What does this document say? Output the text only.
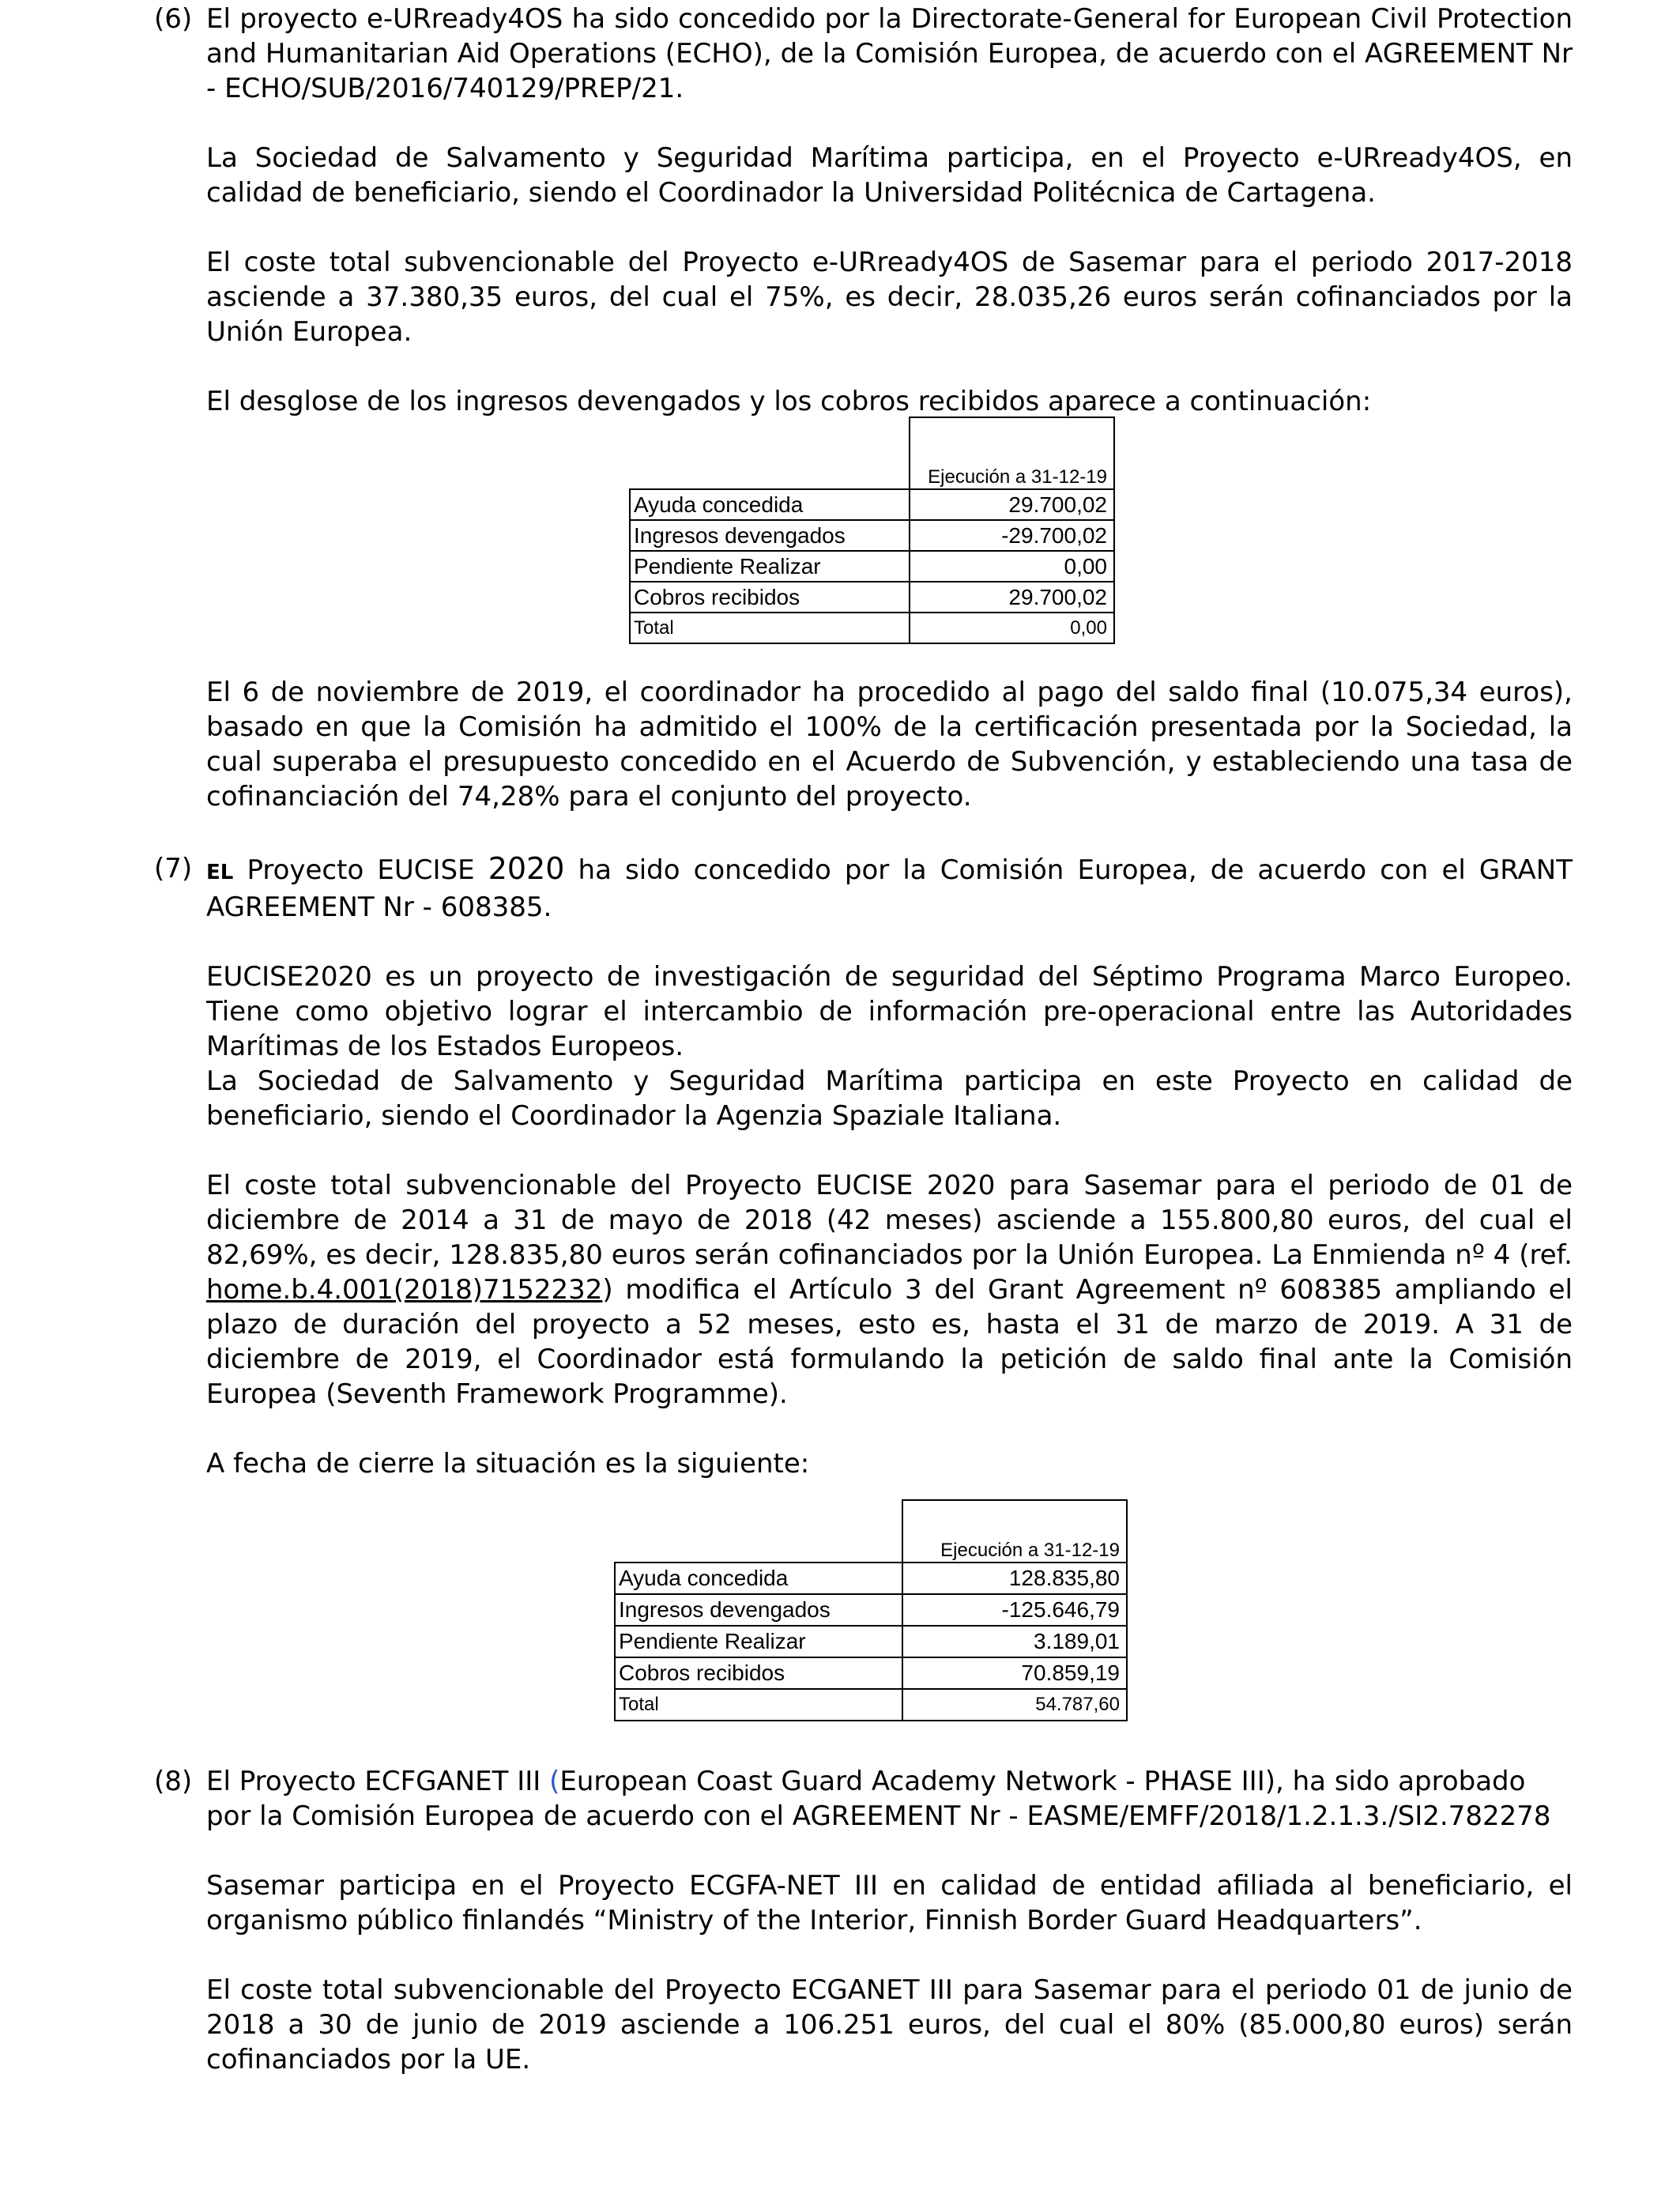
(6) El proyecto e-URready4OS ha sido concedido por la Directorate-General for European Civil Protection and Humanitarian Aid Operations (ECHO), de la Comisión Europea, de acuerdo con el AGREEMENT Nr - ECHO/SUB/2016/740129/PREP/21.

La Sociedad de Salvamento y Seguridad Marítima participa, en el Proyecto e-URready4OS, en calidad de beneficiario, siendo el Coordinador la Universidad Politécnica de Cartagena.

El coste total subvencionable del Proyecto e-URready4OS de Sasemar para el periodo 2017-2018 asciende a 37.380,35 euros, del cual el 75%, es decir, 28.035,26 euros serán cofinanciados por la Unión Europea.

El desglose de los ingresos devengados y los cobros recibidos aparece a continuación:

	Ejecución a 31-12-19
Ayuda concedida	29.700,02
Ingresos devengados	-29.700,02
Pendiente Realizar	0,00
Cobros recibidos	29.700,02
Total	0,00

El 6 de noviembre de 2019, el coordinador ha procedido al pago del saldo final (10.075,34 euros), basado en que la Comisión ha admitido el 100% de la certificación presentada por la Sociedad, la cual superaba el presupuesto concedido en el Acuerdo de Subvención, y estableciendo una tasa de cofinanciación del 74,28% para el conjunto del proyecto.

(7) EL Proyecto EUCISE 2020 ha sido concedido por la Comisión Europea, de acuerdo con el GRANT AGREEMENT Nr - 608385.

EUCISE2020 es un proyecto de investigación de seguridad del Séptimo Programa Marco Europeo. Tiene como objetivo lograr el intercambio de información pre-operacional entre las Autoridades Marítimas de los Estados Europeos.

La Sociedad de Salvamento y Seguridad Marítima participa en este Proyecto en calidad de beneficiario, siendo el Coordinador la Agenzia Spaziale Italiana.

El coste total subvencionable del Proyecto EUCISE 2020 para Sasemar para el periodo de 01 de diciembre de 2014 a 31 de mayo de 2018 (42 meses) asciende a 155.800,80 euros, del cual el 82,69%, es decir, 128.835,80 euros serán cofinanciados por la Unión Europea. La Enmienda nº 4 (ref. home.b.4.001(2018)7152232) modifica el Artículo 3 del Grant Agreement nº 608385 ampliando el plazo de duración del proyecto a 52 meses, esto es, hasta el 31 de marzo de 2019. A 31 de diciembre de 2019, el Coordinador está formulando la petición de saldo final ante la Comisión Europea (Seventh Framework Programme).

A fecha de cierre la situación es la siguiente:

	Ejecución a 31-12-19
Ayuda concedida	128.835,80
Ingresos devengados	-125.646,79
Pendiente Realizar	3.189,01
Cobros recibidos	70.859,19
Total	54.787,60
(8) El Proyecto ECFGANET III (European Coast Guard Academy Network - PHASE III), ha sido aprobado por la Comisión Europea de acuerdo con el AGREEMENT Nr - EASME/EMFF/2018/1.2.1.3./SI2.782278

Sasemar participa en el Proyecto ECGFA-NET III en calidad de entidad afiliada al beneficiario, el organismo público finlandés “Ministry of the Interior, Finnish Border Guard Headquarters”.

El coste total subvencionable del Proyecto ECGANET III para Sasemar para el periodo 01 de junio de 2018 a 30 de junio de 2019 asciende a 106.251 euros, del cual el 80% (85.000,80 euros) serán cofinanciados por la UE.
